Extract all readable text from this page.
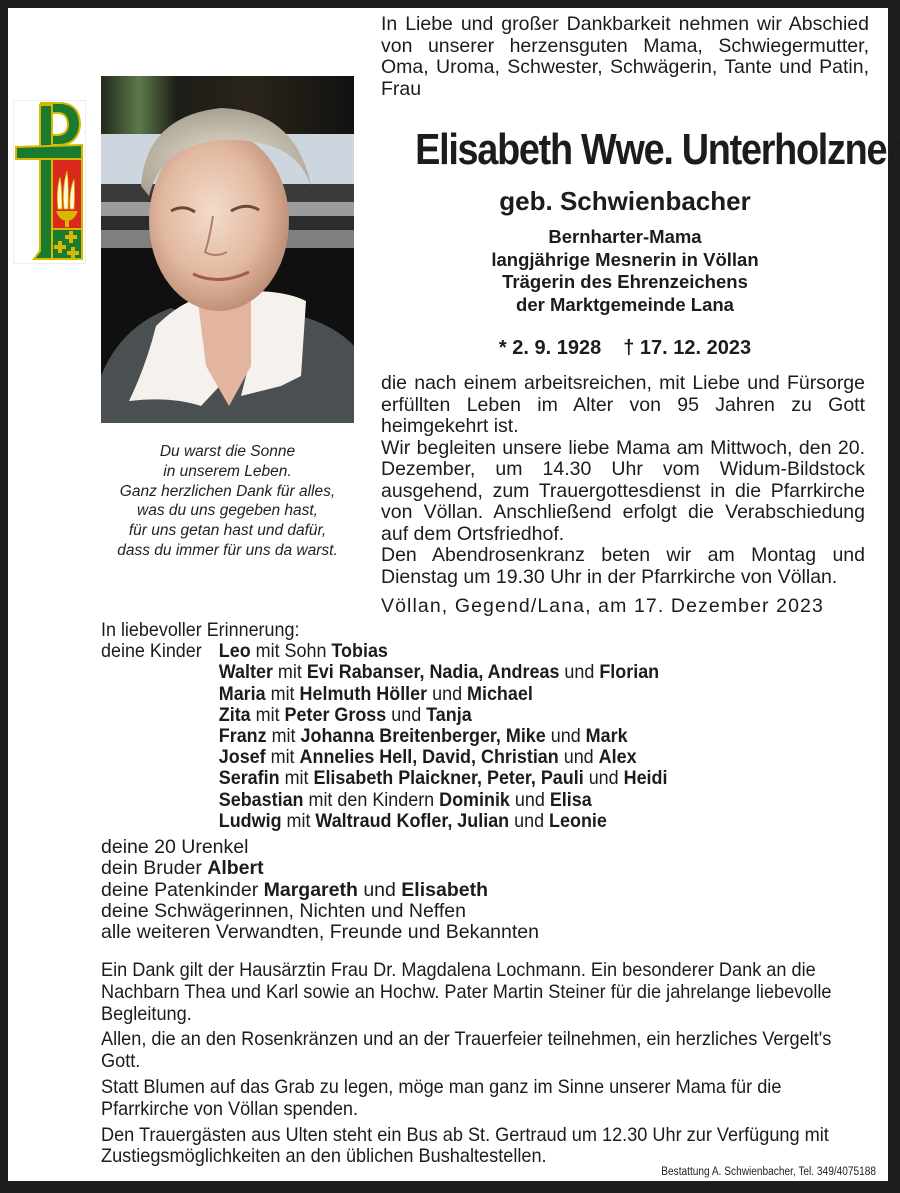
Du warst die Sonne
in unserem Leben.
Ganz herzlichen Dank für alles,
was du uns gegeben hast,
für uns getan hast und dafür,
dass du immer für uns da warst.
In Liebe und großer Dankbarkeit nehmen wir Abschied von unserer herzensguten Mama, Schwiegermutter, Oma, Uroma, Schwester, Schwägerin, Tante und Patin, Frau
Elisabeth Wwe. Unterholzner
geb. Schwienbacher
Bernharter-Mama
langjährige Mesnerin in Völlan
Trägerin des Ehrenzeichens
der Marktgemeinde Lana
* 2. 9. 1928 † 17. 12. 2023

die nach einem arbeitsreichen, mit Liebe und Fürsorge erfüllten Leben im Alter von 95 Jahren zu Gott heimgekehrt ist.

Wir begleiten unsere liebe Mama am Mittwoch, den 20. Dezember, um 14.30 Uhr vom Widum-Bildstock ausgehend, zum Trauergottesdienst in die Pfarrkirche von Völlan. Anschließend erfolgt die Verabschiedung auf dem Ortsfriedhof.

Den Abendrosenkranz beten wir am Montag und Dienstag um 19.30 Uhr in der Pfarrkirche von Völlan.

Völlan, Gegend/Lana, am 17. Dezember 2023
In liebevoller Erinnerung:
deine Kinder Leo mit Sohn Tobias
Walter mit Evi Rabanser, Nadia, Andreas und Florian
Maria mit Helmuth Höller und Michael
Zita mit Peter Gross und Tanja
Franz mit Johanna Breitenberger, Mike und Mark
Josef mit Annelies Hell, David, Christian und Alex
Serafin mit Elisabeth Plaickner, Peter, Pauli und Heidi
Sebastian mit den Kindern Dominik und Elisa
Ludwig mit Waltraud Kofler, Julian und Leonie
deine 20 Urenkel
dein Bruder Albert
deine Patenkinder Margareth und Elisabeth
deine Schwägerinnen, Nichten und Neffen
alle weiteren Verwandten, Freunde und Bekannten

Ein Dank gilt der Hausärztin Frau Dr. Magdalena Lochmann. Ein besonderer Dank an die Nachbarn Thea und Karl sowie an Hochw. Pater Martin Steiner für die jahrelange liebevolle Begleitung.

Allen, die an den Rosenkränzen und an der Trauerfeier teilnehmen, ein herzliches Vergelt's Gott.

Statt Blumen auf das Grab zu legen, möge man ganz im Sinne unserer Mama für die Pfarrkirche von Völlan spenden.

Den Trauergästen aus Ulten steht ein Bus ab St. Gertraud um 12.30 Uhr zur Verfügung mit Zustiegsmöglichkeiten an den üblichen Bushaltestellen.

Bestattung A. Schwienbacher, Tel. 349/4075188
